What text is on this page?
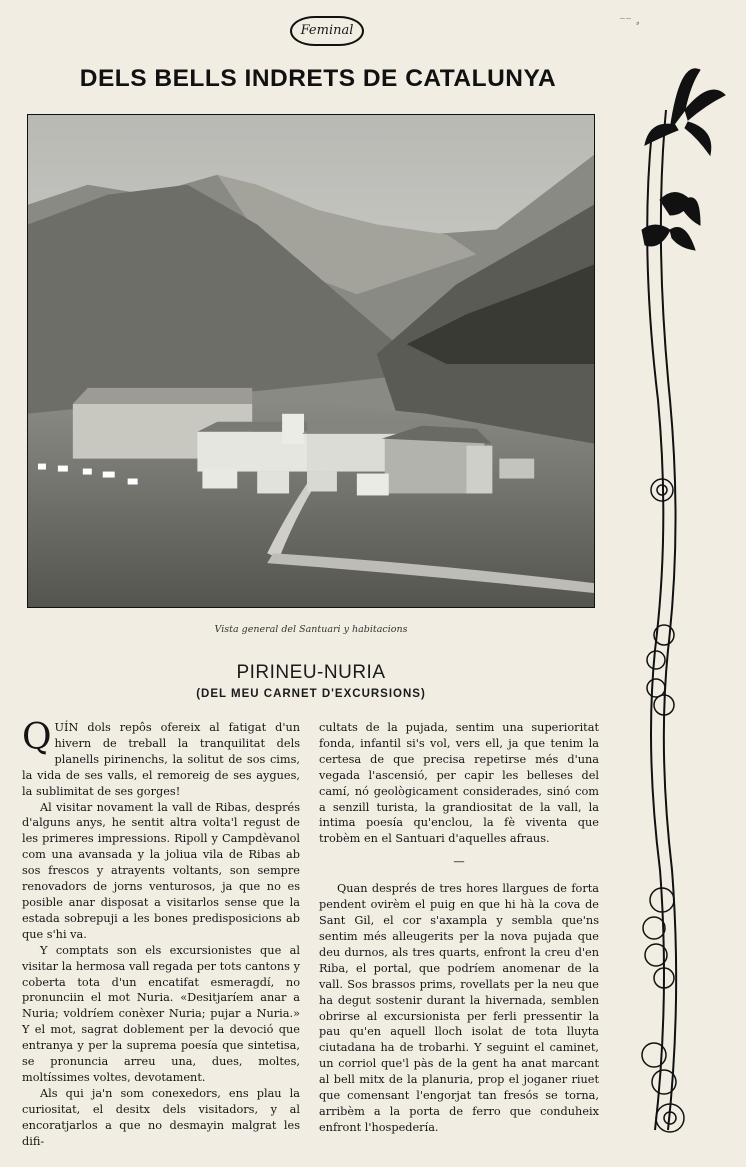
Feminal	‾‾ ⸗
DELS BELLS INDRETS DE CATALUNYA
Vista general del Santuari y habitacions
PIRINEU-NURIA
(DEL MEU CARNET D'EXCURSIONS)

QUÍN dols repôs ofereix al fatigat d'un hivern de treball la tranquilitat dels planells pirinenchs, la solitut de sos cims, la vida de ses valls, el remoreig de ses aygues, la sublimitat de ses gorges!

Al visitar novament la vall de Ribas, després d'alguns anys, he sentit altra volta'l regust de les primeres impressions. Ripoll y Campdèvanol com una avansada y la joliua vila de Ribas ab sos frescos y atrayents voltants, son sempre renovadors de jorns venturosos, ja que no es posible anar disposat a visitarlos sense que la estada sobrepuji a les bones predisposicions ab que s'hi va.

Y comptats son els excursionistes que al visitar la hermosa vall regada per tots cantons y coberta tota d'un encatifat esmeragdí, no pronunciin el mot Nuria. «Desitjaríem anar a Nuria; voldríem conèxer Nuria; pujar a Nuria.» Y el mot, sagrat doblement per la devoció que entranya y per la suprema poesía que sintetisa, se pronuncia arreu una, dues, moltes, moltíssimes voltes, devotament.

Als qui ja'n som conexedors, ens plau la curiositat, el desitx dels visitadors, y al encoratjarlos a que no desmayin malgrat les difi-

cultats de la pujada, sentim una superioritat fonda, infantil si's vol, vers ell, ja que tenim la certesa de que precisa repetirse més d'una vegada l'ascensió, per capir les belleses del camí, nó geològicament considerades, sinó com a senzill turista, la grandiositat de la vall, la intima poesía qu'enclou, la fè viventa que trobèm en el Santuari d'aquelles afraus.

—

Quan després de tres hores llargues de forta pendent ovirèm el puig en que hi hà la cova de Sant Gil, el cor s'axampla y sembla que'ns sentim més alleugerits per la nova pujada que deu durnos, als tres quarts, enfront la creu d'en Riba, el portal, que podríem anomenar de la vall. Sos brassos prims, rovellats per la neu que ha degut sostenir durant la hivernada, semblen obrirse al excursionista per ferli pressentir la pau qu'en aquell lloch isolat de tota lluyta ciutadana ha de trobarhi. Y seguint el caminet, un corriol que'l pàs de la gent ha anat marcant al bell mitx de la planuria, prop el joganer riuet que comensant l'engorjat tan fresós se torna, arribèm a la porta de ferro que conduheix enfront l'hospedería.
